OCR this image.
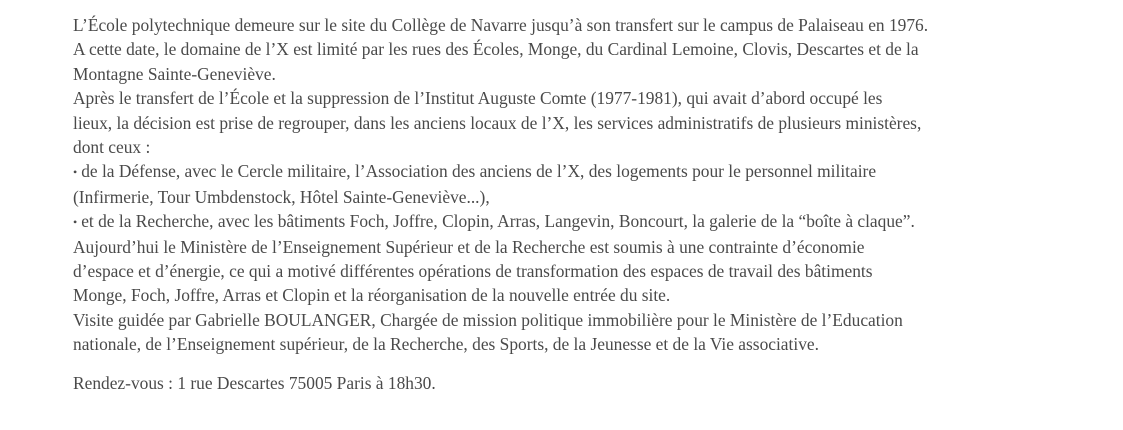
L’École polytechnique demeure sur le site du Collège de Navarre jusqu’à son transfert sur le campus de Palaiseau en 1976.

A cette date, le domaine de l’X est limité par les rues des Écoles, Monge, du Cardinal Lemoine, Clovis, Descartes et de la

Montagne Sainte-Geneviève.

Après le transfert de l’École et la suppression de l’Institut Auguste Comte (1977-1981), qui avait d’abord occupé les

lieux, la décision est prise de regrouper, dans les anciens locaux de l’X, les services administratifs de plusieurs ministères,

dont ceux :

• de la Défense, avec le Cercle militaire, l’Association des anciens de l’X, des logements pour le personnel militaire

(Infirmerie, Tour Umbdenstock, Hôtel Sainte-Geneviève...),

• et de la Recherche, avec les bâtiments Foch, Joffre, Clopin, Arras, Langevin, Boncourt, la galerie de la “boîte à claque”.

Aujourd’hui le Ministère de l’Enseignement Supérieur et de la Recherche est soumis à une contrainte d’économie

d’espace et d’énergie, ce qui a motivé différentes opérations de transformation des espaces de travail des bâtiments

Monge, Foch, Joffre, Arras et Clopin et la réorganisation de la nouvelle entrée du site.

Visite guidée par Gabrielle BOULANGER, Chargée de mission politique immobilière pour le Ministère de l’Education

nationale, de l’Enseignement supérieur, de la Recherche, des Sports, de la Jeunesse et de la Vie associative.

Rendez-vous : 1 rue Descartes 75005 Paris à 18h30.
